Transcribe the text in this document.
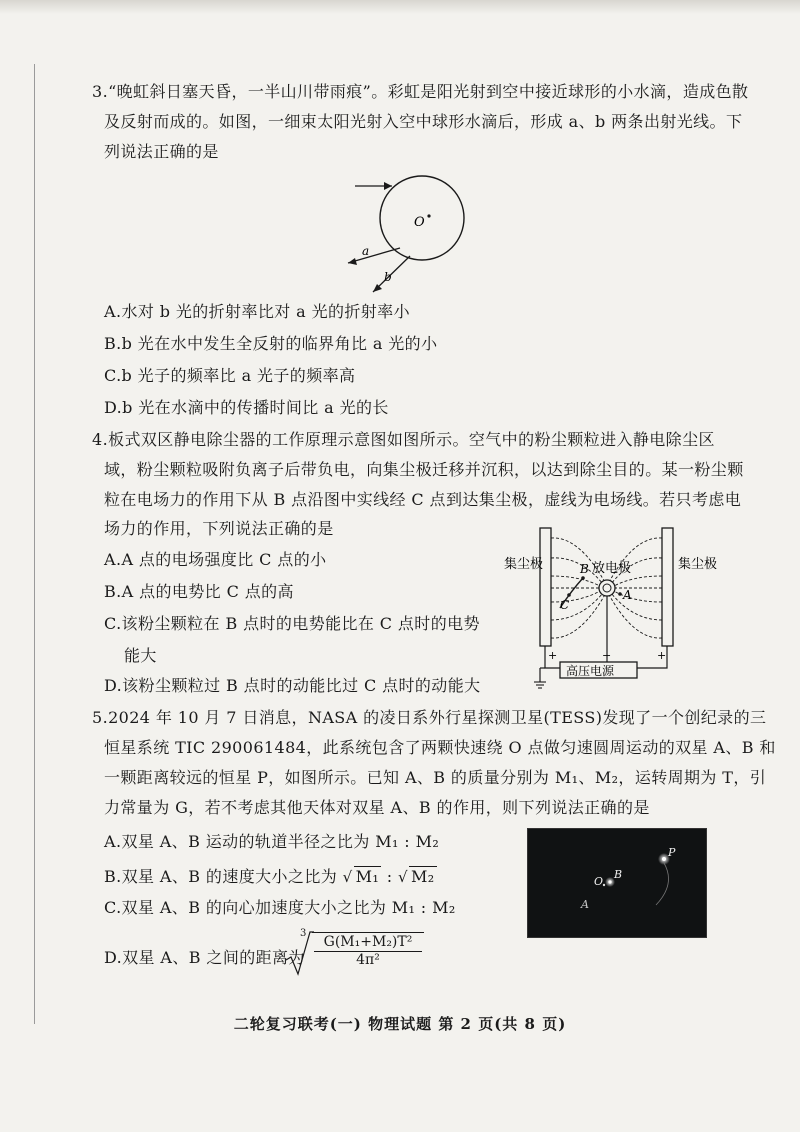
3.“晚虹斜日塞天昏，一半山川带雨痕”。彩虹是阳光射到空中接近球形的小水滴，造成色散
及反射而成的。如图，一细束太阳光射入空中球形水滴后，形成 a、b 两条出射光线。下
列说法正确的是
O
a
b
A.水对 b 光的折射率比对 a 光的折射率小
B.b 光在水中发生全反射的临界角比 a 光的小
C.b 光子的频率比 a 光子的频率高
D.b 光在水滴中的传播时间比 a 光的长
4.板式双区静电除尘器的工作原理示意图如图所示。空气中的粉尘颗粒进入静电除尘区
域，粉尘颗粒吸附负离子后带负电，向集尘极迁移并沉积，以达到除尘目的。某一粉尘颗
粒在电场力的作用下从 B 点沿图中实线经 C 点到达集尘极，虚线为电场线。若只考虑电
场力的作用，下列说法正确的是
A.A 点的电场强度比 C 点的小
B.A 点的电势比 C 点的高
C.该粉尘颗粒在 B 点时的电势能比在 C 点时的电势
能大
D.该粉尘颗粒过 B 点时的动能比过 C 点时的动能大
集尘极	集尘极
放电极
B
C
A
高压电源
+	−	+
5.2024 年 10 月 7 日消息，NASA 的凌日系外行星探测卫星(TESS)发现了一个创纪录的三
恒星系统 TIC 290061484，此系统包含了两颗快速绕 O 点做匀速圆周运动的双星 A、B 和
一颗距离较远的恒星 P，如图所示。已知 A、B 的质量分别为 M₁、M₂，运转周期为 T，引
力常量为 G，若不考虑其他天体对双星 A、B 的作用，则下列说法正确的是
A.双星 A、B 运动的轨道半径之比为 M₁ : M₂
B.双星 A、B 的速度大小之比为 √ M₁ : √ M₂
C.双星 A、B 的向心加速度大小之比为 M₁ : M₂
D.双星 A、B 之间的距离为
3
$\frac{\text{G(M₁+M₂)T²}}{\text{4π²}}$
O
B
A
P
二轮复习联考(一) 物理试题 第 2 页(共 8 页)
